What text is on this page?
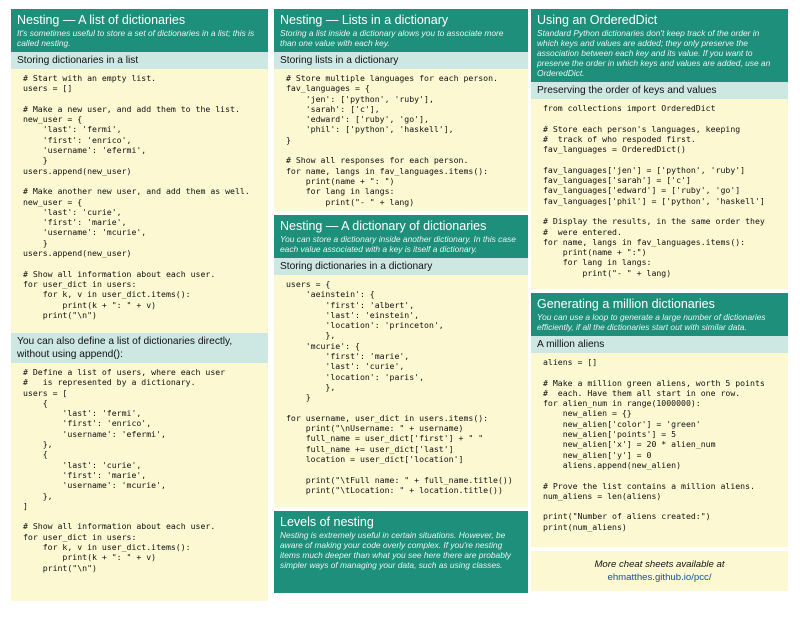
Nesting — A list of dictionaries
It's sometimes useful to store a set of dictionaries in a list; this is called nesting.
Storing dictionaries in a list
# Start with an empty list.
users = []

# Make a new user, and add them to the list.
new_user = {
'last': 'fermi',
'first': 'enrico',
'username': 'efermi',
}
users.append(new_user)

# Make another new user, and add them as well.
new_user = {
'last': 'curie',
'first': 'marie',
'username': 'mcurie',
}
users.append(new_user)

# Show all information about each user.
for user_dict in users:
for k, v in user_dict.items():
print(k + ": " + v)
print("\n")
You can also define a list of dictionaries directly, without using append():
# Define a list of users, where each user
#   is represented by a dictionary.
users = [
{
'last': 'fermi',
'first': 'enrico',
'username': 'efermi',
},
{
'last': 'curie',
'first': 'marie',
'username': 'mcurie',
},
]

# Show all information about each user.
for user_dict in users:
for k, v in user_dict.items():
print(k + ": " + v)
print("\n")
Nesting — Lists in a dictionary
Storing a list inside a dictionary alows you to associate more than one value with each key.
Storing lists in a dictionary
# Store multiple languages for each person.
fav_languages = {
'jen': ['python', 'ruby'],
'sarah': ['c'],
'edward': ['ruby', 'go'],
'phil': ['python', 'haskell'],
}

# Show all responses for each person.
for name, langs in fav_languages.items():
print(name + ": ")
for lang in langs:
print("- " + lang)
Nesting — A dictionary of dictionaries
You can store a dictionary inside another dictionary. In this case each value associated with a key is itself a dictionary.
Storing dictionaries in a dictionary
users = {
'aeinstein': {
'first': 'albert',
'last': 'einstein',
'location': 'princeton',
},
'mcurie': {
'first': 'marie',
'last': 'curie',
'location': 'paris',
},
}

for username, user_dict in users.items():
print("\nUsername: " + username)
full_name = user_dict['first'] + " "
full_name += user_dict['last']
location = user_dict['location']

print("\tFull name: " + full_name.title())
print("\tLocation: " + location.title())
Levels of nesting
Nesting is extremely useful in certain situations. However, be aware of making your code overly complex. If you're nesting items much deeper than what you see here there are probably simpler ways of managing your data, such as using classes.
Using an OrderedDict
Standard Python dictionaries don't keep track of the order in which keys and values are added; they only preserve the association between each key and its value. If you want to preserve the order in which keys and values are added, use an OrderedDict.
Preserving the order of keys and values
from collections import OrderedDict

# Store each person's languages, keeping
#  track of who respoded first.
fav_languages = OrderedDict()

fav_languages['jen'] = ['python', 'ruby']
fav_languages['sarah'] = ['c']
fav_languages['edward'] = ['ruby', 'go']
fav_languages['phil'] = ['python', 'haskell']

# Display the results, in the same order they
#  were entered.
for name, langs in fav_languages.items():
print(name + ":")
for lang in langs:
print("- " + lang)
Generating a million dictionaries
You can use a loop to generate a large number of dictionaries efficiently, if all the dictionaries start out with similar data.
A million aliens
aliens = []

# Make a million green aliens, worth 5 points
#  each. Have them all start in one row.
for alien_num in range(1000000):
new_alien = {}
new_alien['color'] = 'green'
new_alien['points'] = 5
new_alien['x'] = 20 * alien_num
new_alien['y'] = 0
aliens.append(new_alien)

# Prove the list contains a million aliens.
num_aliens = len(aliens)

print("Number of aliens created:")
print(num_aliens)
More cheat sheets available at
ehmatthes.github.io/pcc/
